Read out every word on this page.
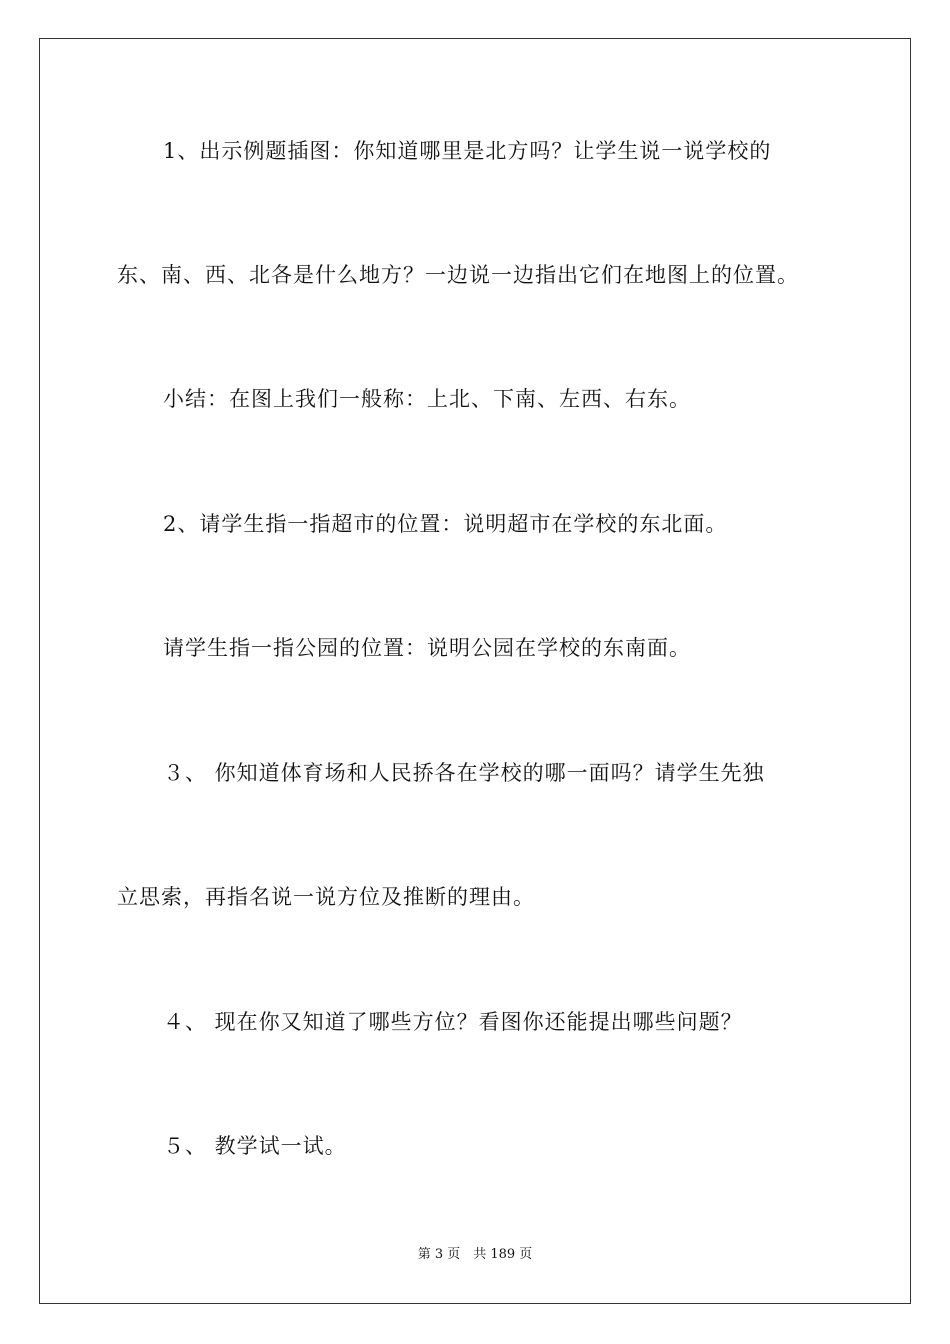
1、出示例题插图：你知道哪里是北方吗？让学生说一说学校的
东、南、西、北各是什么地方？一边说一边指出它们在地图上的位置。
小结：在图上我们一般称：上北、下南、左西、右东。
2、请学生指一指超市的位置：说明超市在学校的东北面。
请学生指一指公园的位置：说明公园在学校的东南面。
３、 你知道体育场和人民挢各在学校的哪一面吗？请学生先独
立思索，再指名说一说方位及推断的理由。
４、 现在你又知道了哪些方位？看图你还能提出哪些问题？
５、 教学试一试。
第 3 页　共 189 页
